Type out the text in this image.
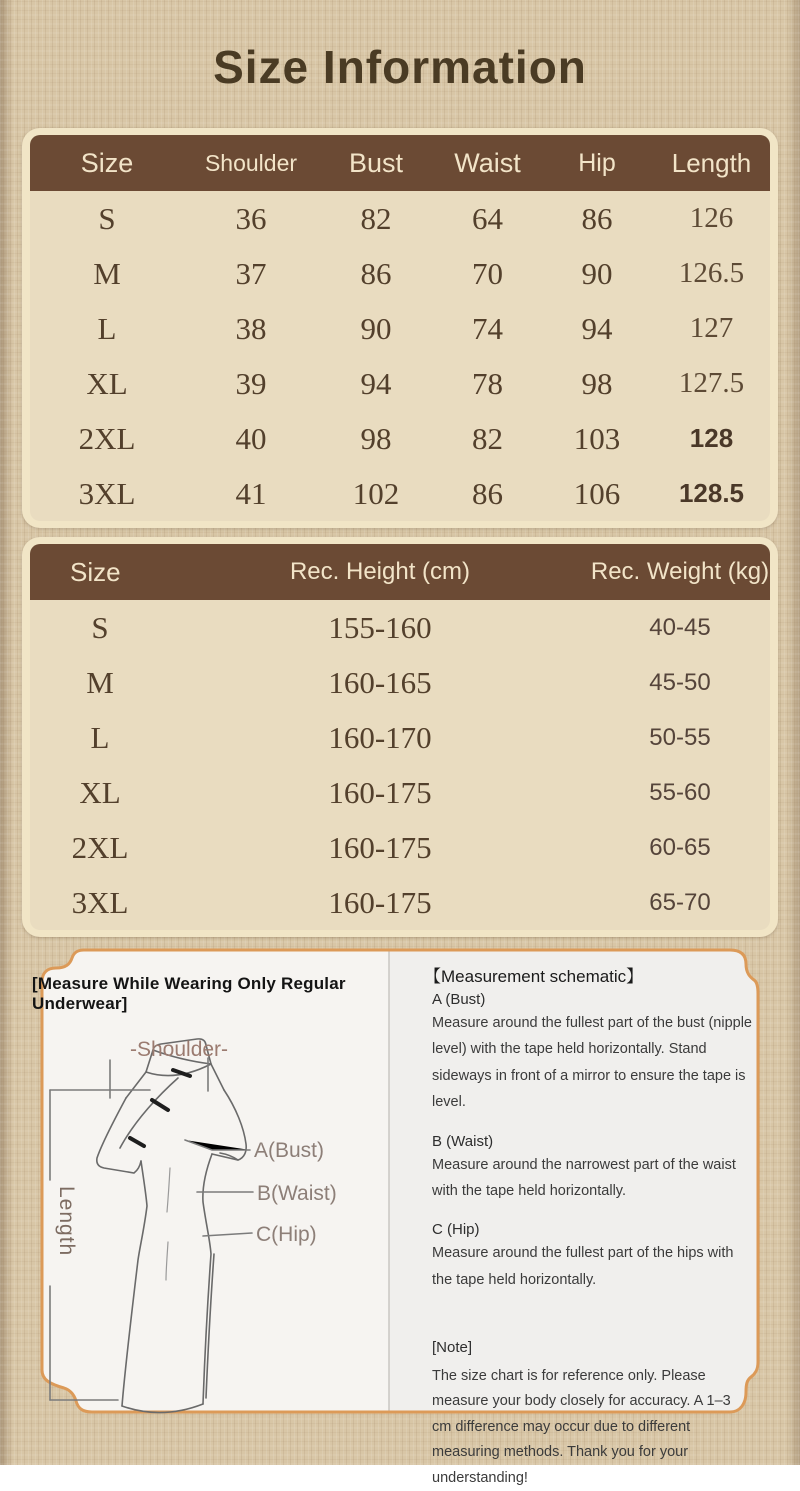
Size Information
Size	Shoulder	Bust	Waist	Hip	Length
S	36	82	64	86	126
M	37	86	70	90	126.5
L	38	90	74	94	127
XL	39	94	78	98	127.5
2XL	40	98	82	103	128
3XL	41	102	86	106	128.5
Size	Rec. Height (cm)	Rec. Weight (kg)
S	155-160	40-45
M	160-165	45-50
L	160-170	50-55
XL	160-175	55-60
2XL	160-175	60-65
3XL	160-175	65-70
[Measure While Wearing Only Regular Underwear]
-Shoulder-
A(Bust)
B(Waist)
C(Hip)
Length
【Measurement schematic】
A (Bust)

Measure around the fullest part of the bust (nipple level) with the tape held horizontally. Stand sideways in front of a mirror to ensure the tape is level.

B (Waist)

Measure around the narrowest part of the waist with the tape held horizontally.

C (Hip)

Measure around the fullest part of the hips with the tape held horizontally.

[Note]

The size chart is for reference only. Please measure your body closely for accuracy. A 1–3 cm difference may occur due to different measuring methods. Thank you for your understanding!
